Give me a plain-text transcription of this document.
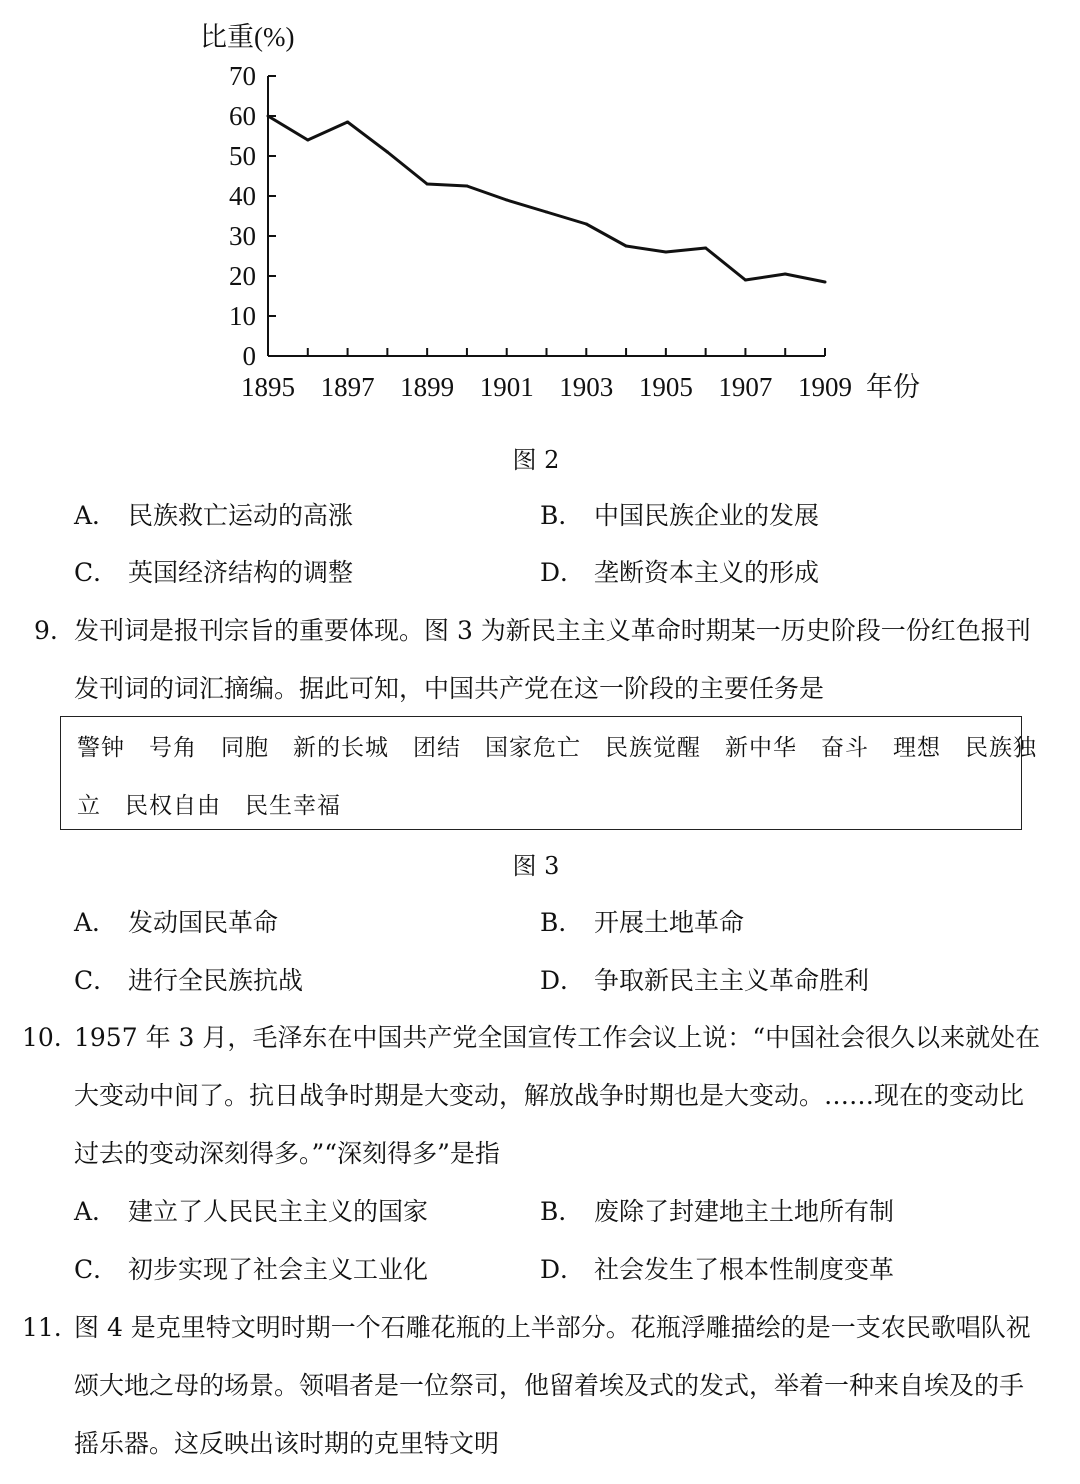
比重(%)
0
10
20
30
40
50
60
70
1895 1897 1899 1901 1903 1905 1907 1909 年份
图 2
A． 民族救亡运动的高涨	B． 中国民族企业的发展
C． 英国经济结构的调整	D． 垄断资本主义的形成
9. 发刊词是报刊宗旨的重要体现。图 3 为新民主主义革命时期某一历史阶段一份红色报刊
发刊词的词汇摘编。据此可知，中国共产党在这一阶段的主要任务是
警钟　号角　同胞　新的长城　团结　国家危亡　民族觉醒　新中华　奋斗　理想　民族独
立　民权自由　民生幸福
图 3
A． 发动国民革命	B． 开展土地革命
C． 进行全民族抗战	D． 争取新民主主义革命胜利
10. 1957 年 3 月，毛泽东在中国共产党全国宣传工作会议上说：“中国社会很久以来就处在
大变动中间了。抗日战争时期是大变动，解放战争时期也是大变动。……现在的变动比
过去的变动深刻得多。”“深刻得多”是指
A． 建立了人民民主主义的国家	B． 废除了封建地主土地所有制
C． 初步实现了社会主义工业化	D． 社会发生了根本性制度变革
11. 图 4 是克里特文明时期一个石雕花瓶的上半部分。花瓶浮雕描绘的是一支农民歌唱队祝
颂大地之母的场景。领唱者是一位祭司，他留着埃及式的发式，举着一种来自埃及的手
摇乐器。这反映出该时期的克里特文明
